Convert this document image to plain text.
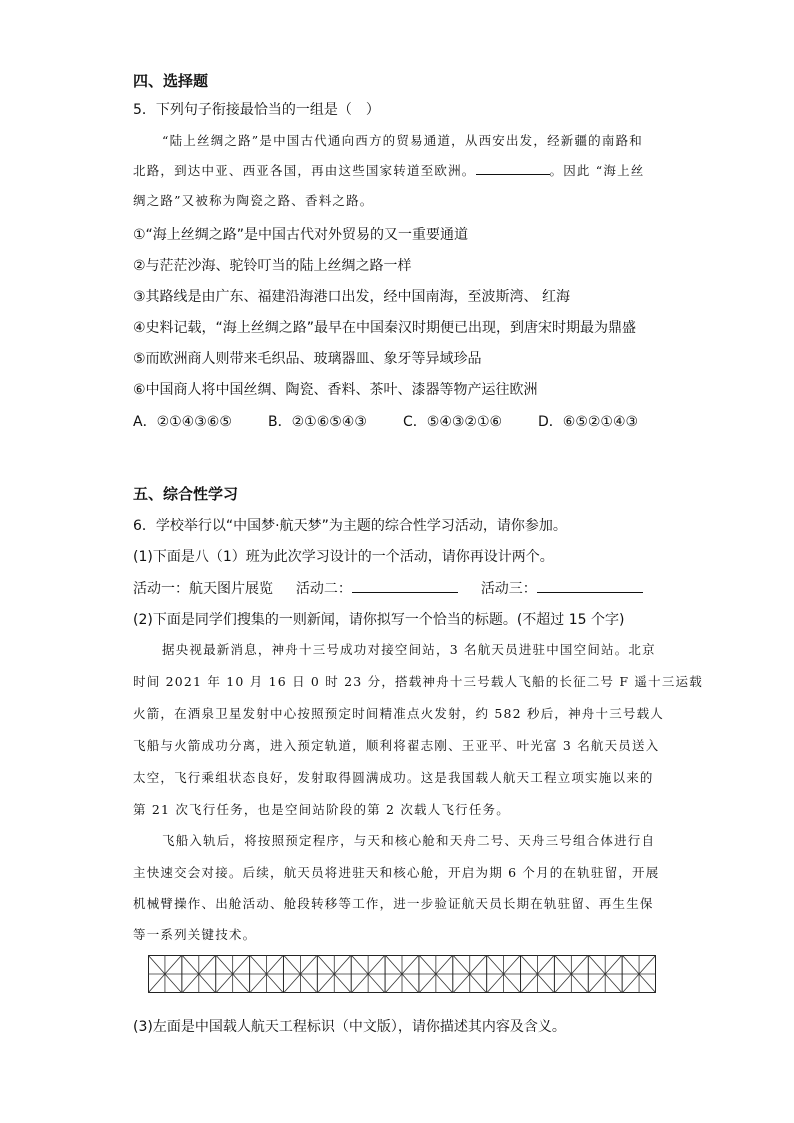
四、选择题
5．下列句子衔接最恰当的一组是（　）
“陆上丝绸之路”是中国古代通向西方的贸易通道，从西安出发，经新疆的南路和
北路，到达中亚、西亚各国，再由这些国家转道至欧洲。	。因此 “海上丝
绸之路”又被称为陶瓷之路、香料之路。
①“海上丝绸之路”是中国古代对外贸易的又一重要通道
②与茫茫沙海、驼铃叮当的陆上丝绸之路一样
③其路线是由广东、福建沿海港口出发，经中国南海，至波斯湾、 红海
④史料记载，“海上丝绸之路”最早在中国秦汉时期便已出现，到唐宋时期最为鼎盛
⑤而欧洲商人则带来毛织品、玻璃器皿、象牙等异域珍品
⑥中国商人将中国丝绸、陶瓷、香料、茶叶、漆器等物产运往欧洲
A．②①④③⑥⑤	B．②①⑥⑤④③	C．⑤④③②①⑥	D．⑥⑤②①④③
五、综合性学习
6．学校举行以“中国梦·航天梦”为主题的综合性学习活动，请你参加。
(1)下面是八（1）班为此次学习设计的一个活动，请你再设计两个。
活动一：航天图片展览 活动二：	活动三：
(2)下面是同学们搜集的一则新闻，请你拟写一个恰当的标题。(不超过 15 个字)
据央视最新消息，神舟十三号成功对接空间站，3 名航天员进驻中国空间站。北京
时间 2021 年 10 月 16 日 0 时 23 分，搭载神舟十三号载人飞船的长征二号 F 遥十三运载
火箭，在酒泉卫星发射中心按照预定时间精准点火发射，约 582 秒后，神舟十三号载人
飞船与火箭成功分离，进入预定轨道，顺利将翟志刚、王亚平、叶光富 3 名航天员送入
太空，飞行乘组状态良好，发射取得圆满成功。这是我国载人航天工程立项实施以来的
第 21 次飞行任务，也是空间站阶段的第 2 次载人飞行任务。
飞船入轨后，将按照预定程序，与天和核心舱和天舟二号、天舟三号组合体进行自
主快速交会对接。后续，航天员将进驻天和核心舱，开启为期 6 个月的在轨驻留，开展
机械臂操作、出舱活动、舱段转移等工作，进一步验证航天员长期在轨驻留、再生生保
等一系列关键技术。
(3)左面是中国载人航天工程标识（中文版），请你描述其内容及含义。
